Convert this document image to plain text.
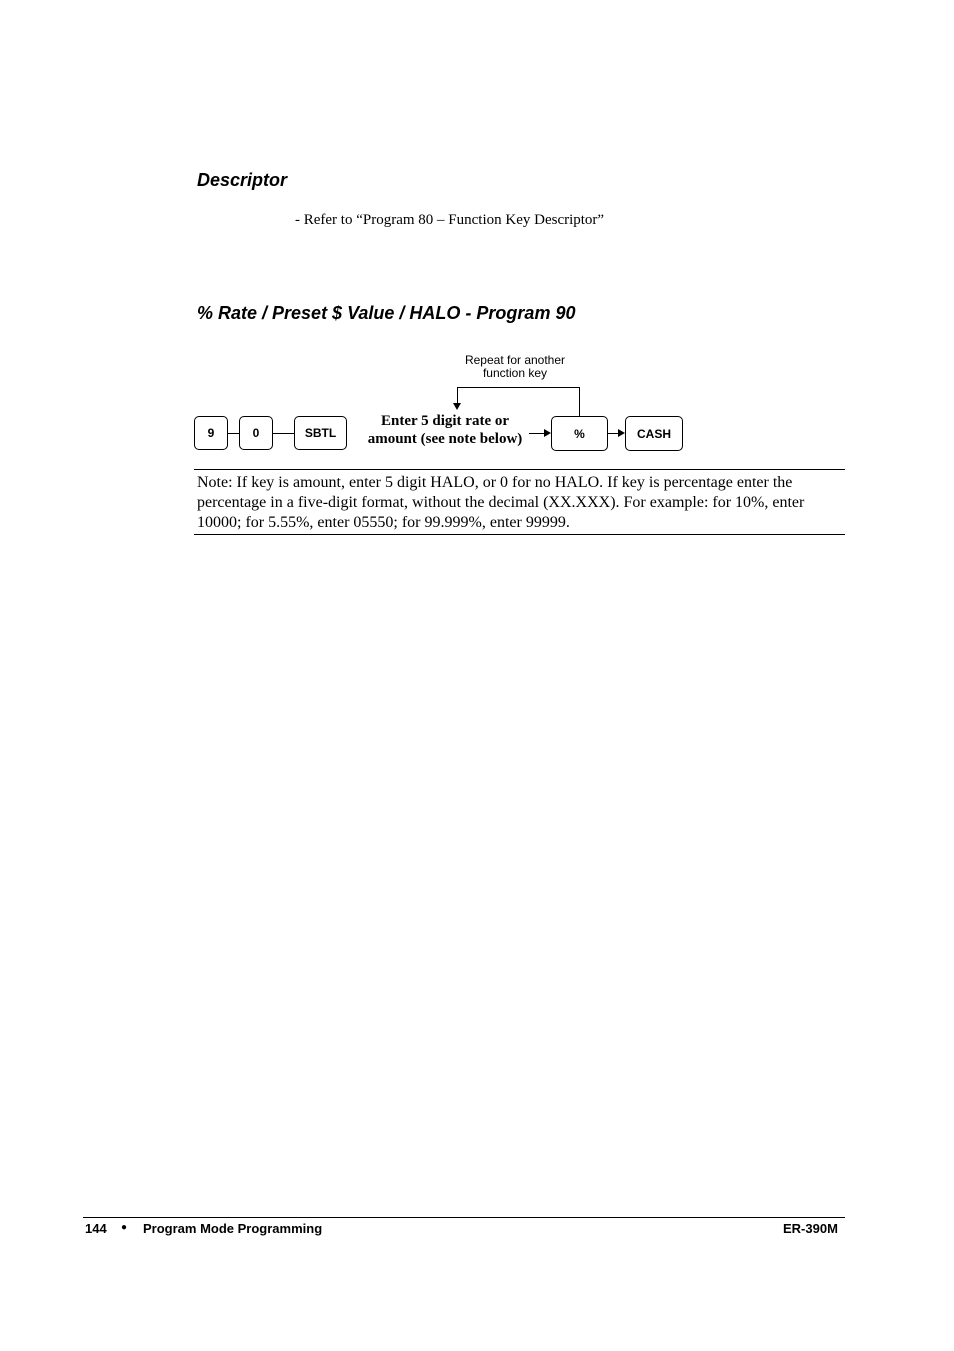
Descriptor
- Refer to “Program 80 – Function Key Descriptor”
% Rate / Preset $ Value / HALO - Program 90
Repeat for another
function key
9	0	SBTL
Enter 5 digit rate or
amount (see note below)	%	CASH
Note: If key is amount, enter 5 digit HALO, or 0 for no HALO. If key is percentage enter the percentage in a five-digit format, without the decimal (XX.XXX). For example: for 10%, enter 10000; for 5.55%, enter 05550; for 99.999%, enter 99999.
144 ● Program Mode Programming	ER-390M
